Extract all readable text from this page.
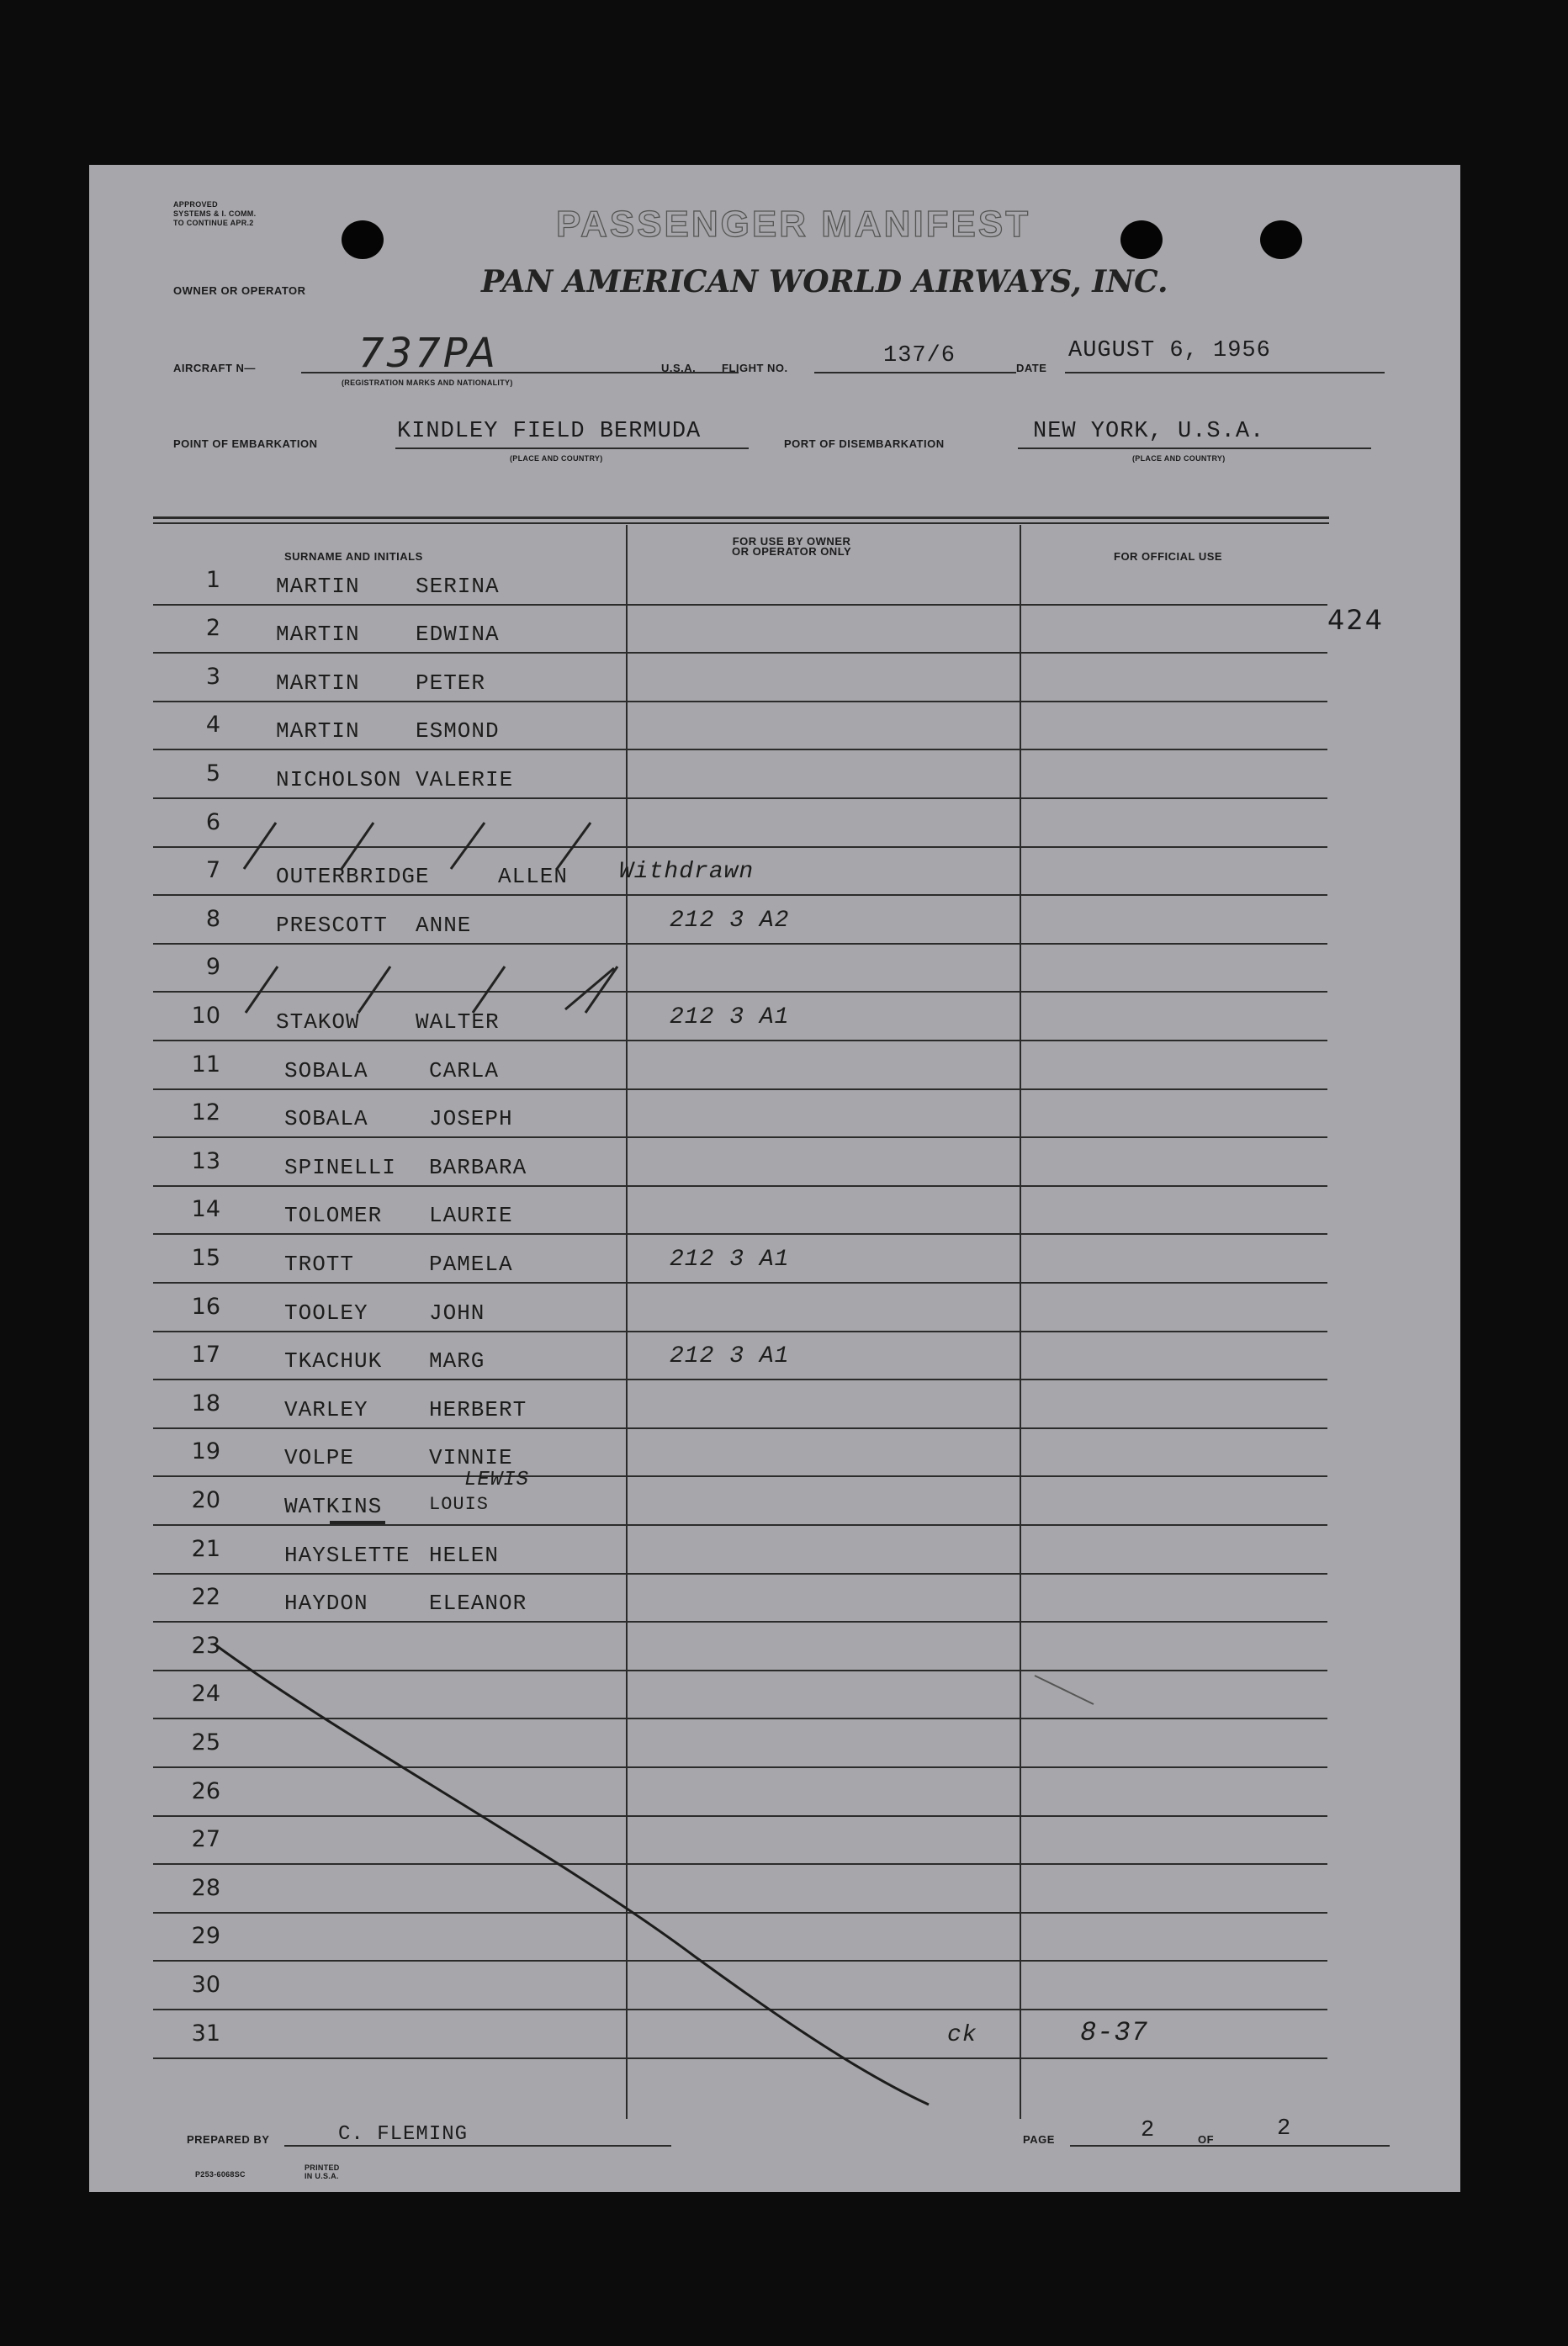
APPROVED
SYSTEMS & I. COMM.
TO CONTINUE APR.2	PASSENGER MANIFEST
OWNER OR OPERATOR	PAN AMERICAN WORLD AIRWAYS, INC.
AIRCRAFT N—	737PA
(REGISTRATION MARKS AND NATIONALITY)
U.S.A. FLIGHT NO.	137/6	DATE
AUGUST 6, 1956
POINT OF EMBARKATION	KINDLEY FIELD BERMUDA
(PLACE AND COUNTRY)
PORT OF DISEMBARKATION	NEW YORK, U.S.A.
(PLACE AND COUNTRY)
SURNAME AND INITIALS
FOR USE BY OWNER
OR OPERATOR ONLY	FOR OFFICIAL USE
1	MARTIN	SERINA
2	MARTIN	EDWINA
3	MARTIN	PETER
4	MARTIN	ESMOND
5	NICHOLSON VALERIE
6
7	OUTERBRIDGE	ALLEN Withdrawn
8	PRESCOTT ANNE	212 3 A2
9
10	STAKOW	WALTER	212 3 A1
11	SOBALA	CARLA
12	SOBALA	JOSEPH
13	SPINELLI BARBARA
14	TOLOMER LAURIE
15	TROTT	PAMELA	212 3 A1
16	TOOLEY	JOHN
17	TKACHUK MARG	212 3 A1
18	VARLEY	HERBERT
19	VOLPE	VINNIE
20	WATKINS	LOUIS
LEWIS
21	HAYSLETTE HELEN
22	HAYDON	ELEANOR
23
24
25
26
27
28
29
30
31	ck	8-37
424
PREPARED BY	C. FLEMING	PAGE	2	OF	2
P253-6068SC
PRINTED
IN U.S.A.
